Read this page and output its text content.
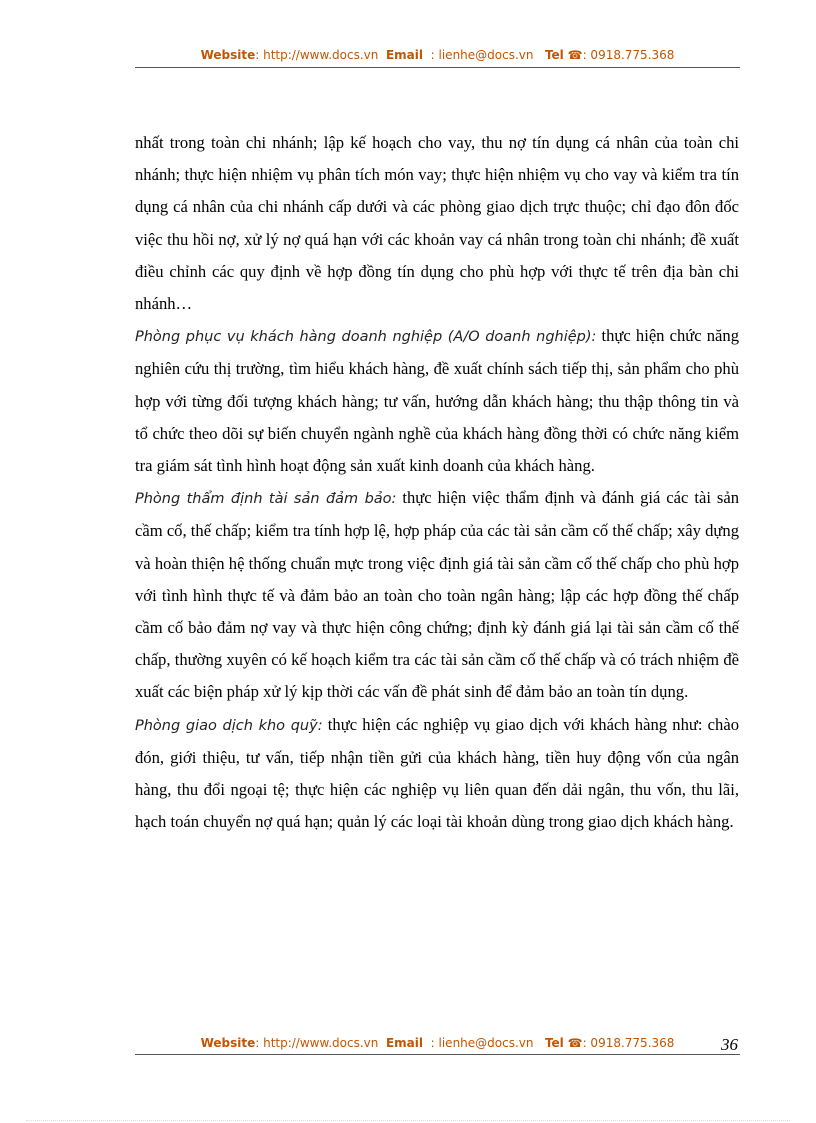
Website: http://www.docs.vn Email : lienhe@docs.vn Tel ☎: 0918.775.368

nhất trong toàn chi nhánh; lập kế hoạch cho vay, thu nợ tín dụng cá nhân của toàn chi nhánh; thực hiện nhiệm vụ phân tích món vay; thực hiện nhiệm vụ cho vay và kiểm tra tín dụng cá nhân của chi nhánh cấp dưới và các phòng giao dịch trực thuộc; chỉ đạo đôn đốc việc thu hồi nợ, xử lý nợ quá hạn với các khoản vay cá nhân trong toàn chi nhánh; đề xuất điều chỉnh các quy định về hợp đồng tín dụng cho phù hợp với thực tế trên địa bàn chi nhánh…

Phòng phục vụ khách hàng doanh nghiệp (A/O doanh nghiệp): thực hiện chức năng nghiên cứu thị trường, tìm hiểu khách hàng, đề xuất chính sách tiếp thị, sản phẩm cho phù hợp với từng đối tượng khách hàng; tư vấn, hướng dẫn khách hàng; thu thập thông tin và tổ chức theo dõi sự biến chuyển ngành nghề của khách hàng đồng thời có chức năng kiểm tra giám sát tình hình hoạt động sản xuất kinh doanh của khách hàng.

Phòng thẩm định tài sản đảm bảo: thực hiện việc thẩm định và đánh giá các tài sản cầm cố, thế chấp; kiểm tra tính hợp lệ, hợp pháp của các tài sản cầm cố thế chấp; xây dựng và hoàn thiện hệ thống chuẩn mực trong việc định giá tài sản cầm cố thế chấp cho phù hợp với tình hình thực tế và đảm bảo an toàn cho toàn ngân hàng; lập các hợp đồng thế chấp cầm cố bảo đảm nợ vay và thực hiện công chứng; định kỳ đánh giá lại tài sản cầm cố thế chấp, thường xuyên có kế hoạch kiểm tra các tài sản cầm cố thế chấp và có trách nhiệm đề xuất các biện pháp xử lý kịp thời các vấn đề phát sinh để đảm bảo an toàn tín dụng.

Phòng giao dịch kho quỹ: thực hiện các nghiệp vụ giao dịch với khách hàng như: chào đón, giới thiệu, tư vấn, tiếp nhận tiền gửi của khách hàng, tiền huy động vốn của ngân hàng, thu đổi ngoại tệ; thực hiện các nghiệp vụ liên quan đến dải ngân, thu vốn, thu lãi, hạch toán chuyển nợ quá hạn; quản lý các loại tài khoản dùng trong giao dịch khách hàng.

Website: http://www.docs.vn Email : lienhe@docs.vn Tel ☎: 0918.775.368	36
